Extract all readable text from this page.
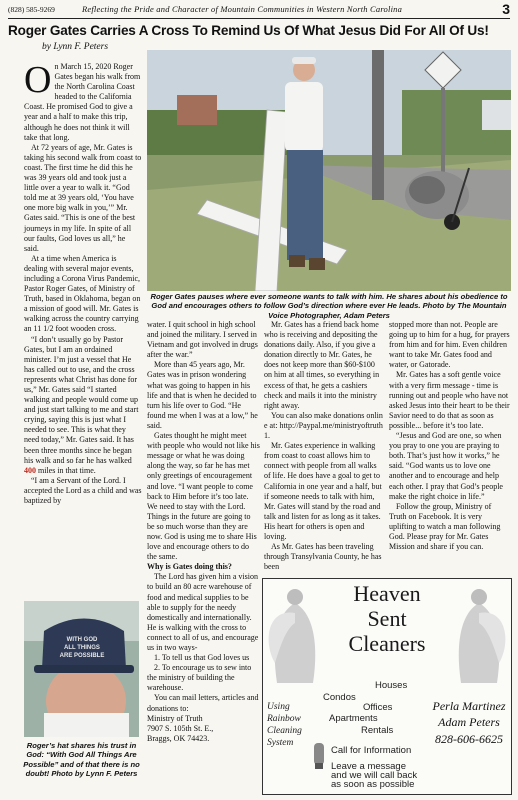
(828) 585-9269	Reflecting the Pride and Character of Mountain Communities in Western North Carolina	3
Roger Gates Carries A Cross To Remind Us Of What Jesus Did For All Of Us!
by Lynn F. Peters

On March 15, 2020 Roger Gates began his walk from the North Carolina Coast headed to the California Coast. He promised God to give a year and a half to make this trip, although he does not think it will take that long.

At 72 years of age, Mr. Gates is taking his second walk from coast to coast. The first time he did this he was 39 years old and took just a little over a year to walk it. “God told me at 39 years old, ‘You have one more big walk in you,’” Mr. Gates said. “This is one of the best journeys in my life. In spite of all our faults, God loves us all,” he said.

At a time when America is dealing with several major events, including a Corona Virus Pandemic, Pastor Roger Gates, of Ministry of Truth, based in Oklahoma, began on a mission of good will. Mr. Gates is walking across the country carrying an 11 1/2 foot wooden cross.

“I don’t usually go by Pastor Gates, but I am an ordained minister. I’m just a vessel that He has called out to use, and the cross represents what Christ has done for us,” Mr. Gates said “I started walking and people would come up and just start talking to me and start crying, saying this is just what I needed to see. This is what they need today,” Mr. Gates said. It has been three months since he began his walk and so far he has walked 400 miles in that time.

“I am a Servant of the Lord. I accepted the Lord as a child and was baptized by

Roger Gates pauses where ever someone wants to talk with him. He shares about his obedience to God and encourages others to follow God’s direction where ever He leads. Photo by The Mountain Voice Photographer, Adam Peters

water. I quit school in high school and joined the military. I served in Vietnam and got involved in drugs after the war.”

More than 45 years ago, Mr. Gates was in prison wondering what was going to happen in his life and that is when he decided to turn his life over to God. “He found me when I was at a low,” he said.

Gates thought he might meet with people who would not like his message or what he was doing along the way, so far he has met only greetings of encouragement and love. “I want people to come back to Him before it’s too late. We need to stay with the Lord. Things in the future are going to be so much worse than they are now. God is using me to share His love and encourage others to do the same.

Why is Gates doing this?

The Lord has given him a vision to build an 80 acre warehouse of food and medical supplies to be able to supply for the needy domestically and internationally. He is walking with the cross to connect to all of us, and encourage us in two ways-

1. To tell us that God loves us

2. To encourage us to sew into the ministry of building the warehouse.

You can mail letters, articles and donations to:

Ministry of Truth

7907 S. 105th St. E.,

Braggs, OK 74423.

Mr. Gates has a friend back home who is receiving and depositing the donations daily. Also, if you give a donation directly to Mr. Gates, he does not keep more than $60-$100 on him at all times, so everything in excess of that, he gets a cashiers check and mails it into the ministry right away.

You can also make donations online at: http://Paypal.me/ministryoftruth1.

Mr. Gates experience in walking from coast to coast allows him to connect with people from all walks of life. He does have a goal to get to California in one year and a half, but if someone needs to talk with him, Mr. Gates will stand by the road and talk and listen for as long as it takes. His heart for others is open and loving.

As Mr. Gates has been traveling through Transylvania County, he has been

stopped more than not. People are going up to him for a hug, for prayers from him and for him. Even children want to take Mr. Gates food and water, or Gatorade.

Mr. Gates has a soft gentle voice with a very firm message - time is running out and people who have not asked Jesus into their heart to be their Savior need to do that as soon as possible... before it’s too late.

“Jesus and God are one, so when you pray to one you are praying to both. That’s just how it works,” he said. “God wants us to love one another and to encourage and help each other. I pray that God’s people make the right choice in life.”

Follow the group, Ministry of Truth on Facebook. It is very uplifting to watch a man following God. Please pray for Mr. Gates Mission and share if you can.

WITH GOD
ALL THINGS
ARE POSSIBLE
Roger’s hat shares his trust in God: “With God All Things Are Possible” and of that there is no doubt! Photo by Lynn F. Peters
Heaven
Sent
Cleaners
Houses
Condos
Offices
Apartments
Rentals
Using
Rainbow
Cleaning
System
Call for Information
Leave a message
and we will call back
as soon as possible
Perla Martinez
Adam Peters
828-606-6625
